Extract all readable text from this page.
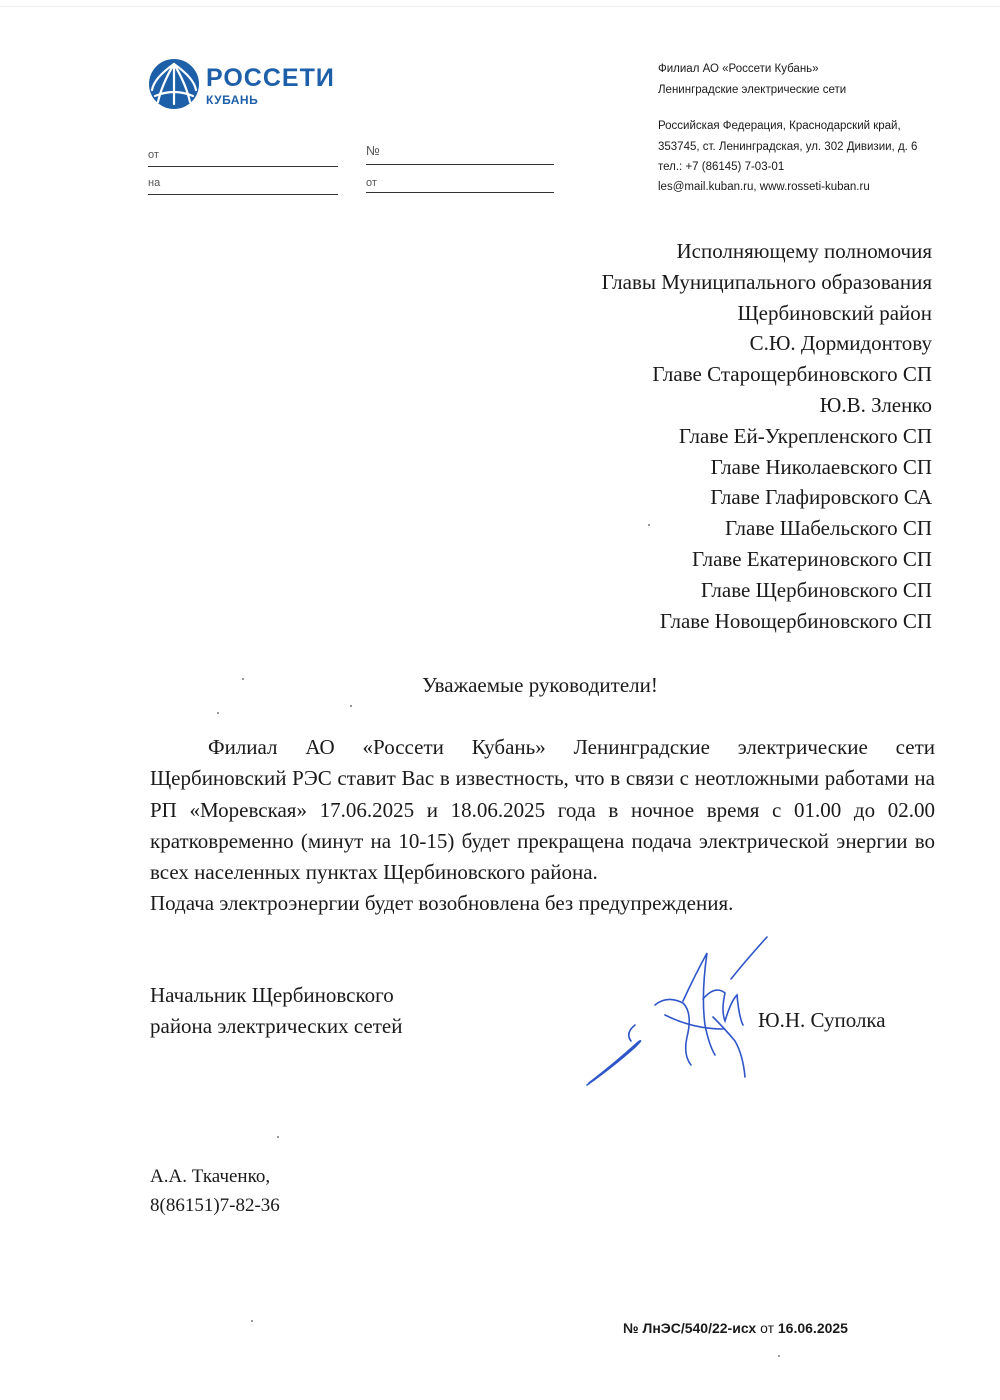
РОССЕТИ
КУБАНЬ
от	№
на	от
Филиал АО «Россети Кубань»
Ленинградские электрические сети
Российская Федерация, Краснодарский край,
353745, ст. Ленинградская, ул. 302 Дивизии, д. 6
тел.: +7 (86145) 7-03-01
les@mail.kuban.ru, www.rosseti-kuban.ru
Исполняющему полномочия
Главы Муниципального образования
Щербиновский район
С.Ю. Дормидонтову
Главе Старощербиновского СП
Ю.В. Зленко
Главе Ей-Укрепленского СП
Главе Николаевского СП
Главе Глафировского СА
Главе Шабельского СП
Главе Екатериновского СП
Главе Щербиновского СП
Главе Новощербиновского СП
Уважаемые руководители!

Филиал АО «Россети Кубань» Ленинградские электрические сети Щербиновский РЭС ставит Вас в известность, что в связи с неотложными работами на РП «Моревская» 17.06.2025 и 18.06.2025 года в ночное время с 01.00 до 02.00 кратковременно (минут на 10-15) будет прекращена подача электрической энергии во всех населенных пунктах Щербиновского района.

Подача электроэнергии будет возобновлена без предупреждения.

Начальник Щербиновского
района электрических сетей	Ю.Н. Суполка
А.А. Ткаченко,
8(86151)7-82-36
№ ЛнЭС/540/22-исх от 16.06.2025
